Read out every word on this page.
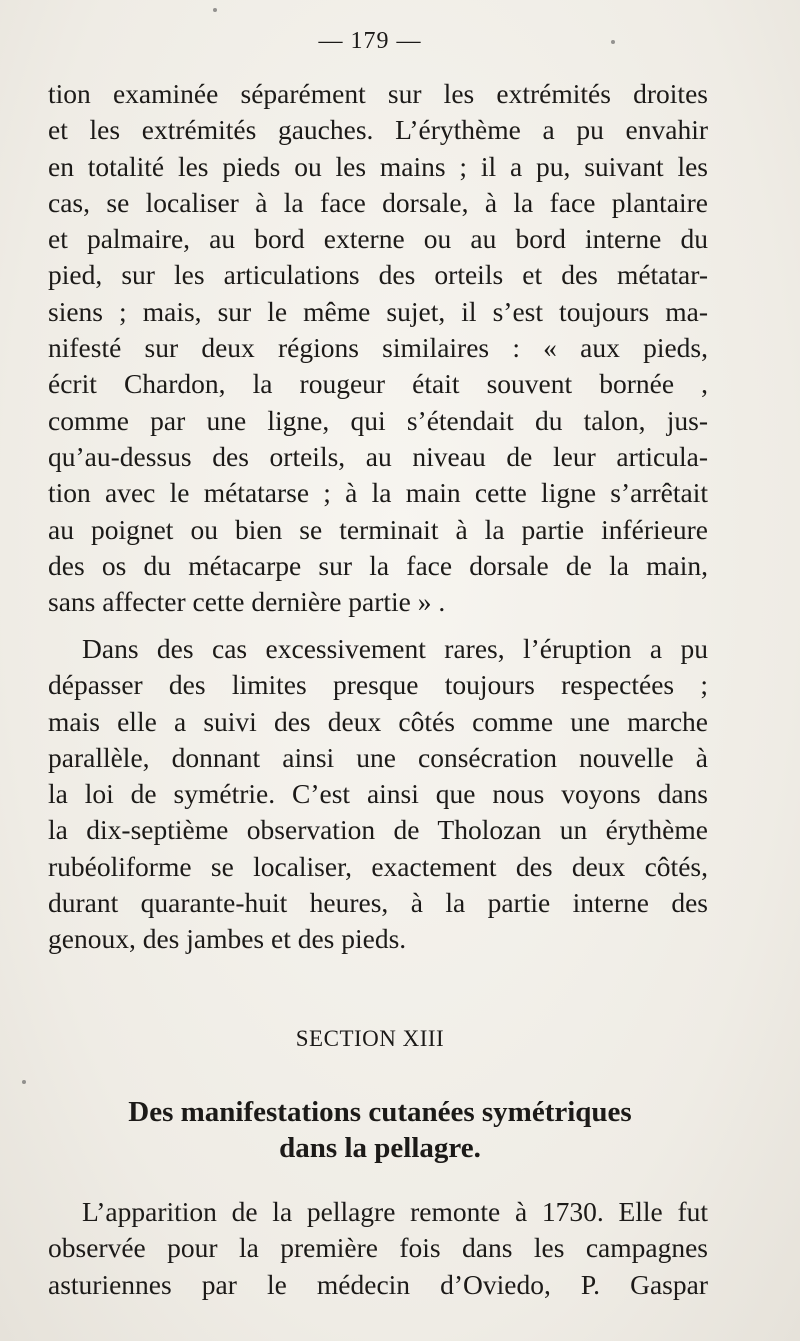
— 179 —
tion examinée séparément sur les extrémités droites
et les extrémités gauches. L’érythème a pu envahir
en totalité les pieds ou les mains ; il a pu, suivant les
cas, se localiser à la face dorsale, à la face plantaire
et palmaire, au bord externe ou au bord interne du
pied, sur les articulations des orteils et des métatar-
siens ; mais, sur le même sujet, il s’est toujours ma-
nifesté sur deux régions similaires : « aux pieds,
écrit Chardon, la rougeur était souvent bornée ,
comme par une ligne, qui s’étendait du talon, jus-
qu’au-dessus des orteils, au niveau de leur articula-
tion avec le métatarse ; à la main cette ligne s’arrêtait
au poignet ou bien se terminait à la partie inférieure
des os du métacarpe sur la face dorsale de la main,
sans affecter cette dernière partie » .
Dans des cas excessivement rares, l’éruption a pu
dépasser des limites presque toujours respectées ;
mais elle a suivi des deux côtés comme une marche
parallèle, donnant ainsi une consécration nouvelle à
la loi de symétrie. C’est ainsi que nous voyons dans
la dix-septième observation de Tholozan un érythème
rubéoliforme se localiser, exactement des deux côtés,
durant quarante-huit heures, à la partie interne des
genoux, des jambes et des pieds.
SECTION XIII
Des manifestations cutanées symétriques
dans la pellagre.
L’apparition de la pellagre remonte à 1730. Elle fut
observée pour la première fois dans les campagnes
asturiennes par le médecin d’Oviedo, P. Gaspar
